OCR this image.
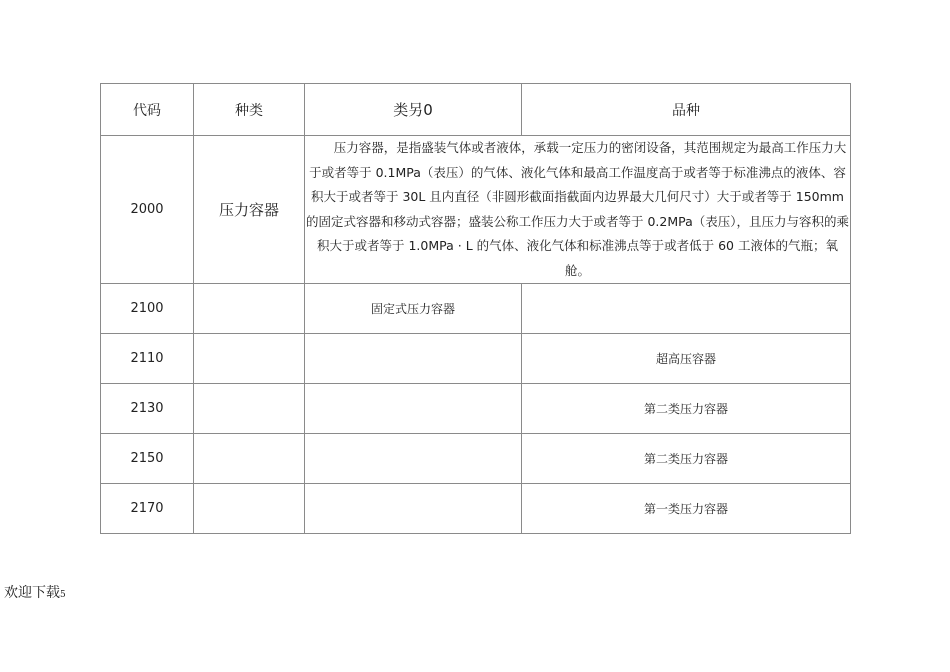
代码	种类	类另0	品种
2000	压力容器	压力容器，是指盛装气体或者液体，承载一定压力的密闭设备，其范围规定为最高工作压力大于或者等于 0.1MPa（表压）的气体、液化气体和最高工作温度高于或者等于标准沸点的液体、容积大于或者等于 30L 且内直径（非圆形截面指截面内边界最大几何尺寸）大于或者等于 150mm 的固定式容器和移动式容器；盛装公称工作压力大于或者等于 0.2MPa（表压），且压力与容积的乘积大于或者等于 1.0MPa · L 的气体、液化气体和标准沸点等于或者低于 60 工液体的气瓶；氧舱。	
2100		固定式压力容器	
2110			超高压容器
2130			第二类压力容器
2150			第二类压力容器
2170			第一类压力容器
欢迎下载5
